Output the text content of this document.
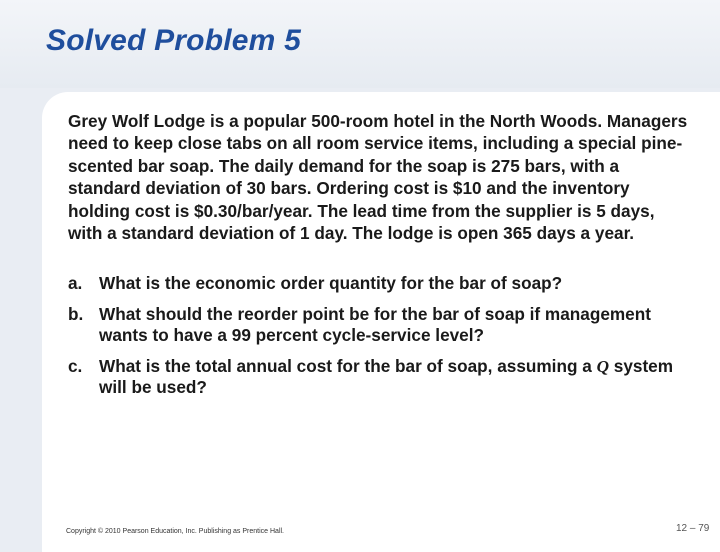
Solved Problem 5

Grey Wolf Lodge is a popular 500-room hotel in the North Woods. Managers need to keep close tabs on all room service items, including a special pine-scented bar soap. The daily demand for the soap is 275 bars, with a standard deviation of 30 bars. Ordering cost is $10 and the inventory holding cost is $0.30/bar/year. The lead time from the supplier is 5 days, with a standard deviation of 1 day. The lodge is open 365 days a year.

a. What is the economic order quantity for the bar of soap?
b. What should the reorder point be for the bar of soap if management wants to have a 99 percent cycle-service level?
c. What is the total annual cost for the bar of soap, assuming a Q system will be used?
Copyright © 2010 Pearson Education, Inc. Publishing as Prentice Hall.	12 – 79
